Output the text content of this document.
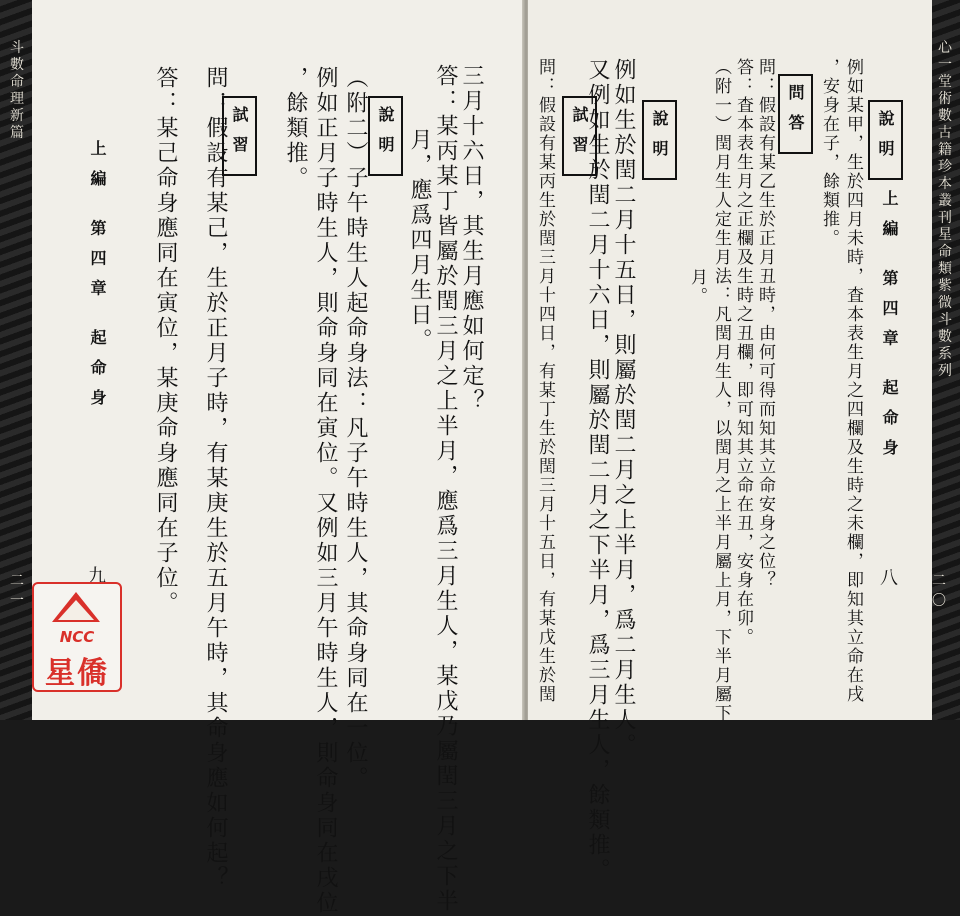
斗數命理新篇
二一
三月十六日，其生月應如何定？
答：某丙某丁皆屬於閏三月之上半月，應爲三月生人，某戊乃屬閏三月之下半
月，應爲四月生日。
說明
（附二）子午時生人起命身法：凡子午時生人，其命身同在一位。
例如正月子時生人，則命身同在寅位。又例如三月午時生人，則命身同在戌位
，餘類推。
試習
問：假設有某己，生於正月子時，有某庚生於五月午時，其命身應如何起？
答：某己命身應同在寅位，某庚命身應同在子位。
上編 第四章 起命身
九
說明
上編 第四章 起命身
例如某甲，生於四月未時，査本表生月之四欄及生時之未欄，即知其立命在戌
，安身在子，餘類推。
問答
問：假設有某乙生於正月丑時，由何可得而知其立命安身之位？
答：査本表生月之正欄及生時之丑欄，即可知其立命在丑，安身在卯。
（附一）閏月生人定生月法：凡閏月生人，以閏月之上半月屬上月，下半月屬下
月。
說明
例如生於閏二月十五日，則屬於閏二月之上半月，爲二月生人。
又例如生於閏二月十六日，則屬於閏二月之下半月，爲三月生人，餘類推。
試習
問：假設有某丙生於閏三月十四日，有某丁生於閏三月十五日，有某戊生於閏	八
心一堂術數古籍珍本叢刊 星命類 紫微斗數系列
二〇
NCC
星僑
